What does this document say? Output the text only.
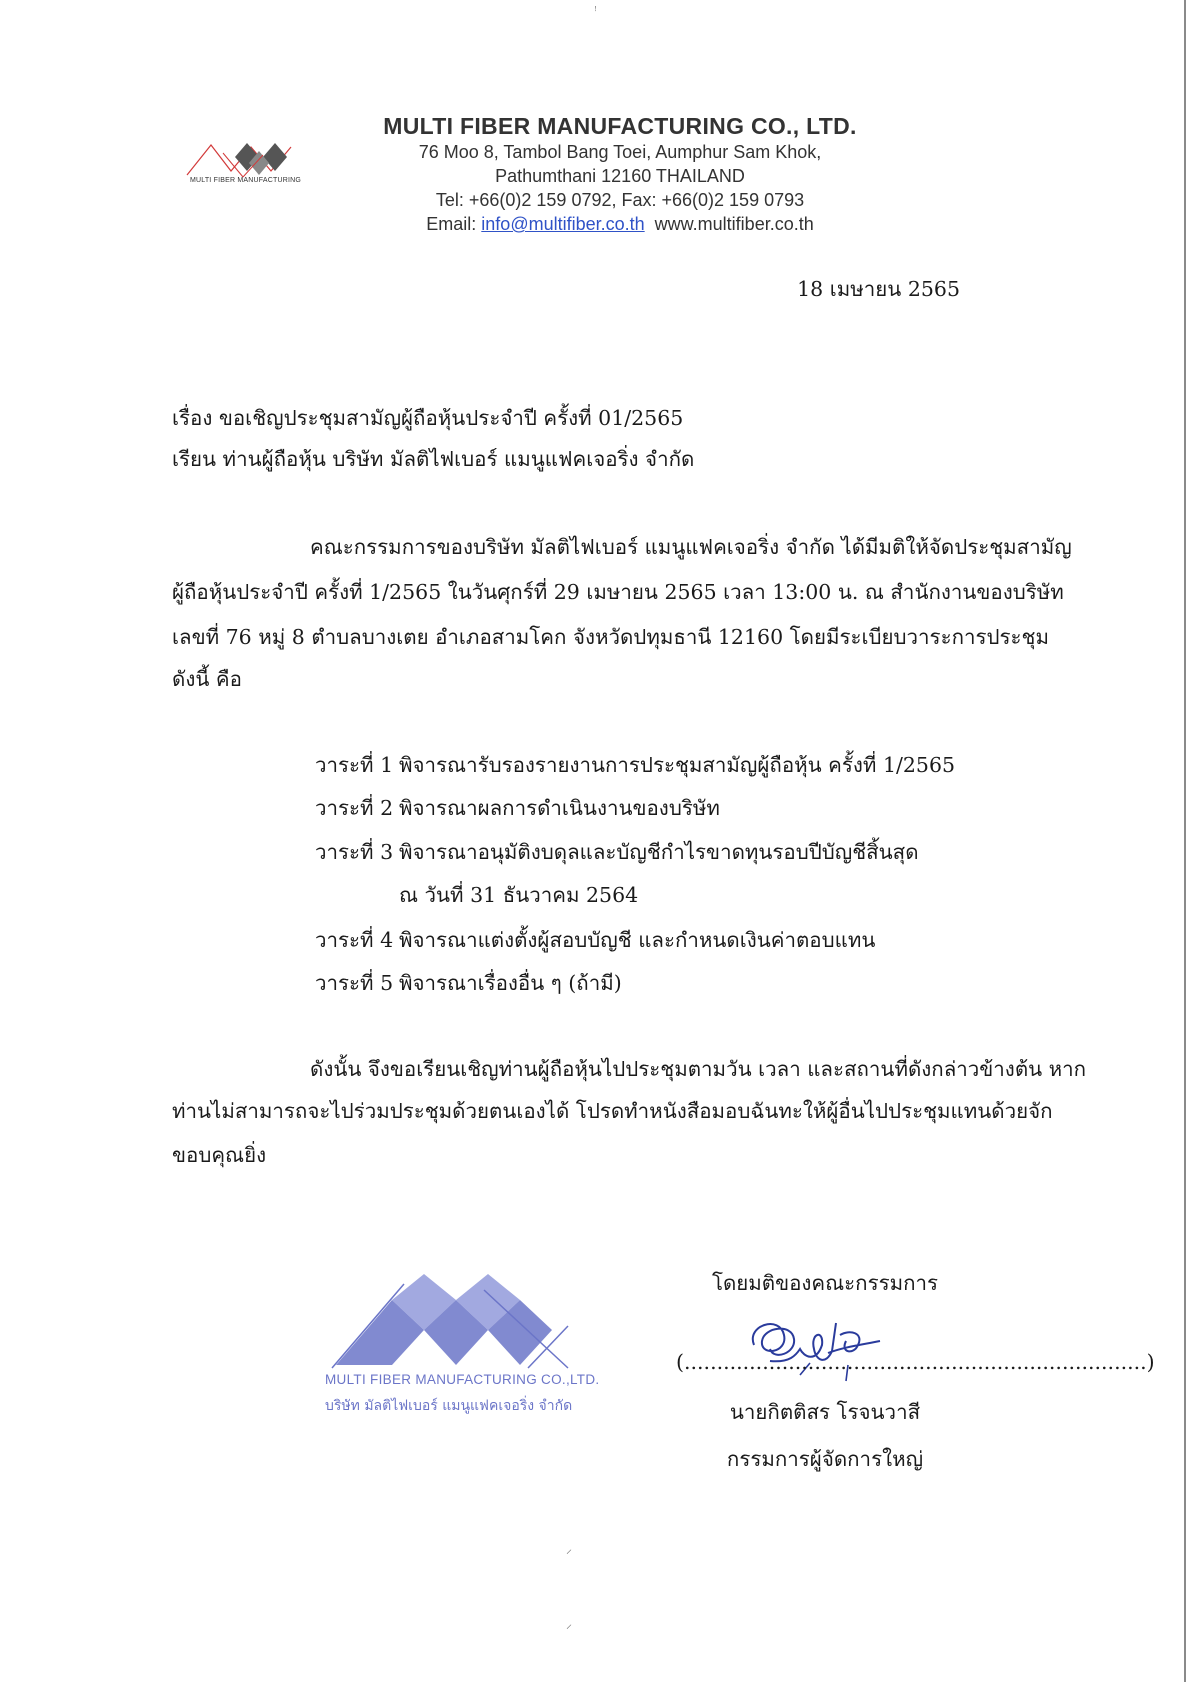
ꜝ
⸝
⸝
MULTI FIBER MANUFACTURING
MULTI FIBER MANUFACTURING CO., LTD.
76 Moo 8, Tambol Bang Toei, Aumphur Sam Khok,
Pathumthani 12160 THAILAND
Tel: +66(0)2 159 0792, Fax: +66(0)2 159 0793
Email: info@multifiber.co.th www.multifiber.co.th
18 เมษายน 2565
เรื่อง ขอเชิญประชุมสามัญผู้ถือหุ้นประจำปี ครั้งที่ 01/2565
เรียน ท่านผู้ถือหุ้น บริษัท มัลติไฟเบอร์ แมนูแฟคเจอริ่ง จำกัด
คณะกรรมการของบริษัท มัลติไฟเบอร์ แมนูแฟคเจอริ่ง จำกัด ได้มีมติให้จัดประชุมสามัญ
ผู้ถือหุ้นประจำปี ครั้งที่ 1/2565 ในวันศุกร์ที่ 29 เมษายน 2565 เวลา 13:00 น. ณ สำนักงานของบริษัท
เลขที่ 76 หมู่ 8 ตำบลบางเตย อำเภอสามโคก จังหวัดปทุมธานี 12160 โดยมีระเบียบวาระการประชุม
ดังนี้ คือ
วาระที่ 1 พิจารณารับรองรายงานการประชุมสามัญผู้ถือหุ้น ครั้งที่ 1/2565
วาระที่ 2 พิจารณาผลการดำเนินงานของบริษัท
วาระที่ 3 พิจารณาอนุมัติงบดุลและบัญชีกำไรขาดทุนรอบปีบัญชีสิ้นสุด
ณ วันที่ 31 ธันวาคม 2564
วาระที่ 4 พิจารณาแต่งตั้งผู้สอบบัญชี และกำหนดเงินค่าตอบแทน
วาระที่ 5 พิจารณาเรื่องอื่น ๆ (ถ้ามี)
ดังนั้น จึงขอเรียนเชิญท่านผู้ถือหุ้นไปประชุมตามวัน เวลา และสถานที่ดังกล่าวข้างต้น หาก
ท่านไม่สามารถจะไปร่วมประชุมด้วยตนเองได้ โปรดทำหนังสือมอบฉันทะให้ผู้อื่นไปประชุมแทนด้วยจัก
ขอบคุณยิ่ง
MULTI FIBER MANUFACTURING CO.,LTD.
บริษัท มัลติไฟเบอร์ แมนูแฟคเจอริ่ง จำกัด
โดยมติของคณะกรรมการ
(.......................................................................)
นายกิตติสร โรจนวาสี
กรรมการผู้จัดการใหญ่
